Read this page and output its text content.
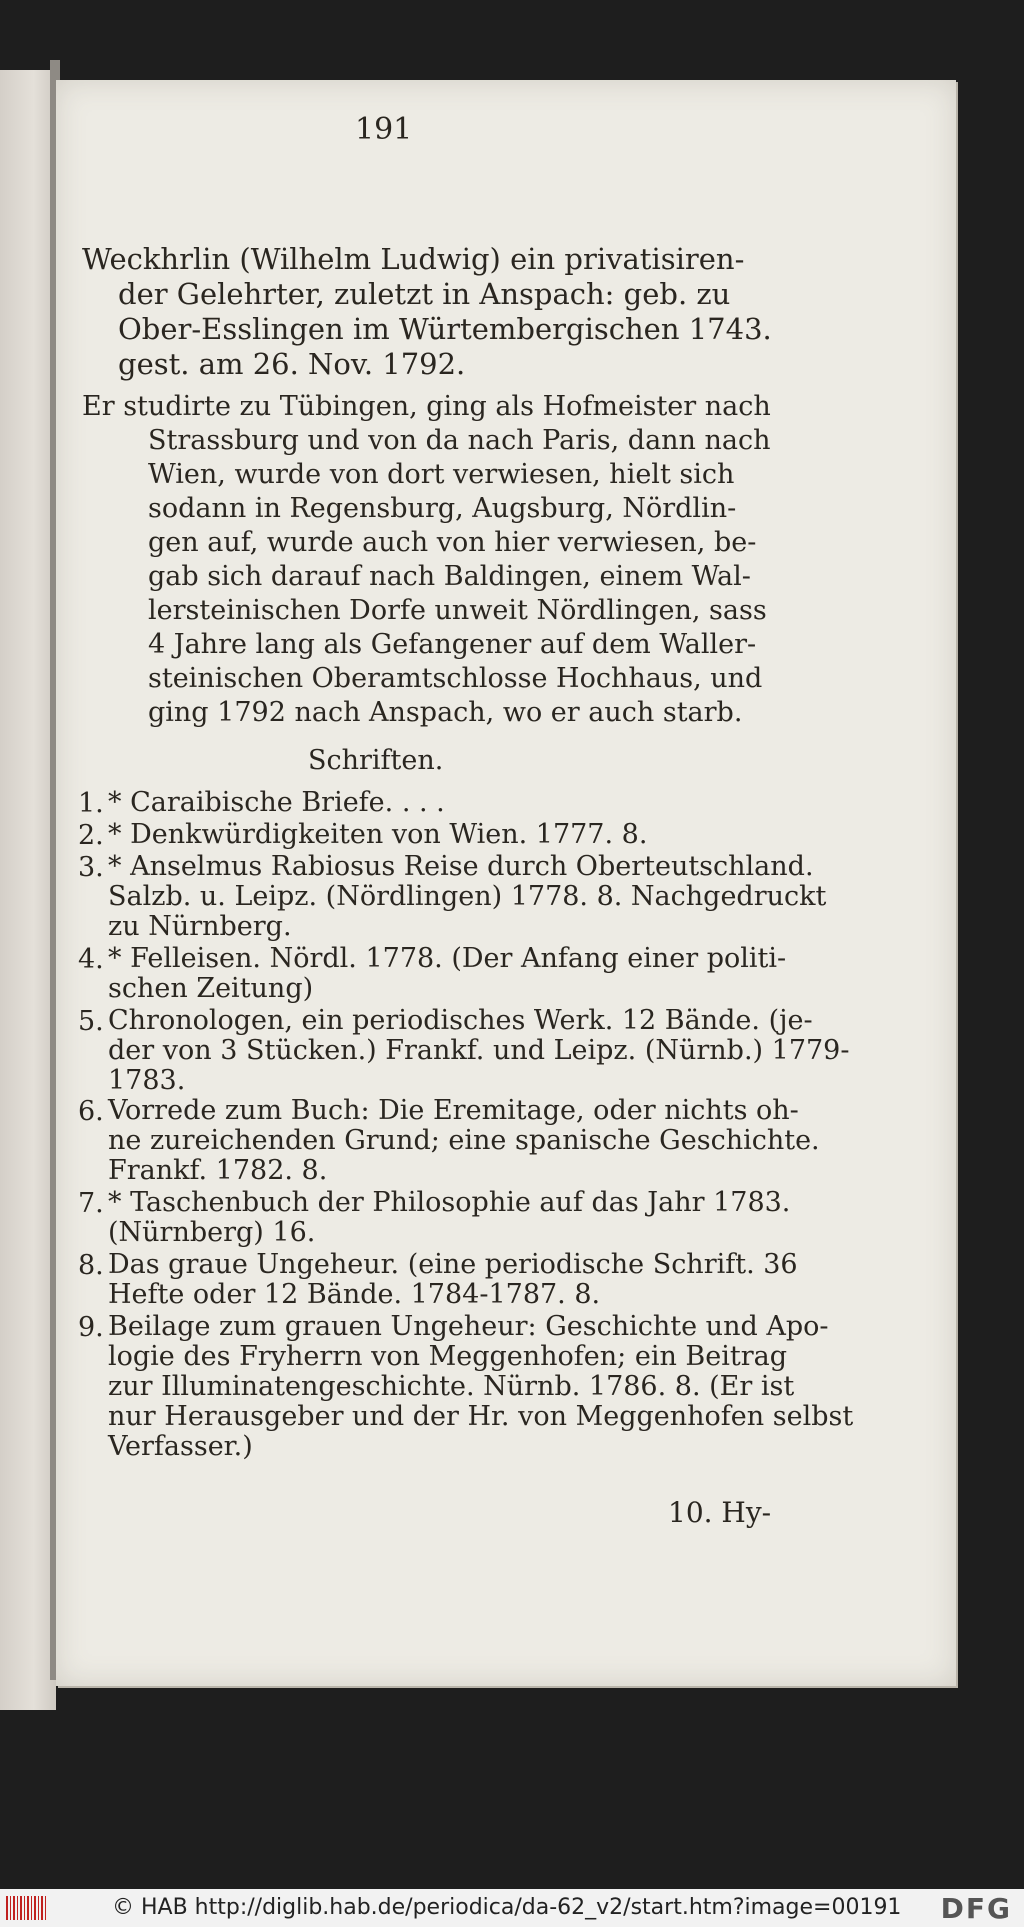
191
Weckhrlin (Wilhelm Ludwig) ein privatisiren-
der Gelehrter, zuletzt in Anspach: geb. zu
Ober-Esslingen im Würtembergischen 1743.
gest. am 26. Nov. 1792.
Er studirte zu Tübingen, ging als Hofmeister nach
Strassburg und von da nach Paris, dann nach
Wien, wurde von dort verwiesen, hielt sich
sodann in Regensburg, Augsburg, Nördlin-
gen auf, wurde auch von hier verwiesen, be-
gab sich darauf nach Baldingen, einem Wal-
lersteinischen Dorfe unweit Nördlingen, sass
4 Jahre lang als Gefangener auf dem Waller-
steinischen Oberamtschlosse Hochhaus, und
ging 1792 nach Anspach, wo er auch starb.
Schriften.
1. * Caraibische Briefe. . . .
2. * Denkwürdigkeiten von Wien. 1777. 8.
3. * Anselmus Rabiosus Reise durch Oberteutschland.
Salzb. u. Leipz. (Nördlingen) 1778. 8. Nachgedruckt
zu Nürnberg.
4. * Felleisen. Nördl. 1778. (Der Anfang einer politi-
schen Zeitung)
5. Chronologen, ein periodisches Werk. 12 Bände. (je-
der von 3 Stücken.) Frankf. und Leipz. (Nürnb.) 1779-
1783.
6. Vorrede zum Buch: Die Eremitage, oder nichts oh-
ne zureichenden Grund; eine spanische Geschichte.
Frankf. 1782. 8.
7. * Taschenbuch der Philosophie auf das Jahr 1783.
(Nürnberg) 16.
8. Das graue Ungeheur. (eine periodische Schrift. 36
Hefte oder 12 Bände. 1784-1787. 8.
9. Beilage zum grauen Ungeheur: Geschichte und Apo-
logie des Fryherrn von Meggenhofen; ein Beitrag
zur Illuminatengeschichte. Nürnb. 1786. 8. (Er ist
nur Herausgeber und der Hr. von Meggenhofen selbst
Verfasser.)
10. Hy-
© HAB http://diglib.hab.de/periodica/da-62_v2/start.htm?image=00191 DFG
